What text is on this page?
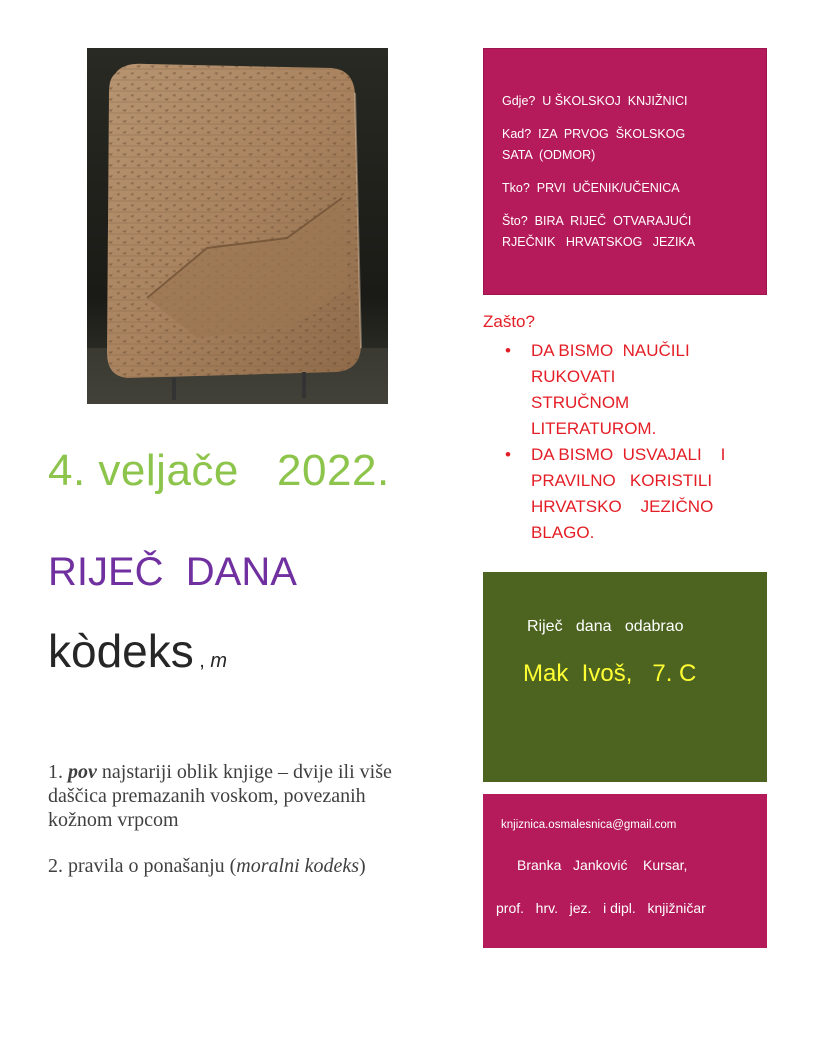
4. veljače   2022.
RIJEČ  DANA
kòdeks , m
1. pov najstariji oblik knjige – dvije ili više daščica premazanih voskom, povezanih kožnom vrpcom
2. pravila o ponašanju (moralni kodeks)
Gdje?  U ŠKOLSKOJ  KNJIŽNICI
Kad?  IZA  PRVOG  ŠKOLSKOG
SATA  (ODMOR)
Tko?  PRVI  UČENIK/UČENICA
Što?  BIRA  RIJEČ  OTVARAJUĆI
RJEČNIK   HRVATSKOG   JEZIKA
Zašto?
• DA BISMO  NAUČILI
RUKOVATI
STRUČNOM
LITERATUROM.
• DA BISMO  USVAJALI    I
PRAVILNO   KORISTILI
HRVATSKO    JEZIČNO
BLAGO.
Riječ   dana   odabrao
Mak  Ivoš,   7. C
knjiznica.osmalesnica@gmail.com
Branka   Janković    Kursar,
prof.   hrv.   jez.   i dipl.   knjižničar
